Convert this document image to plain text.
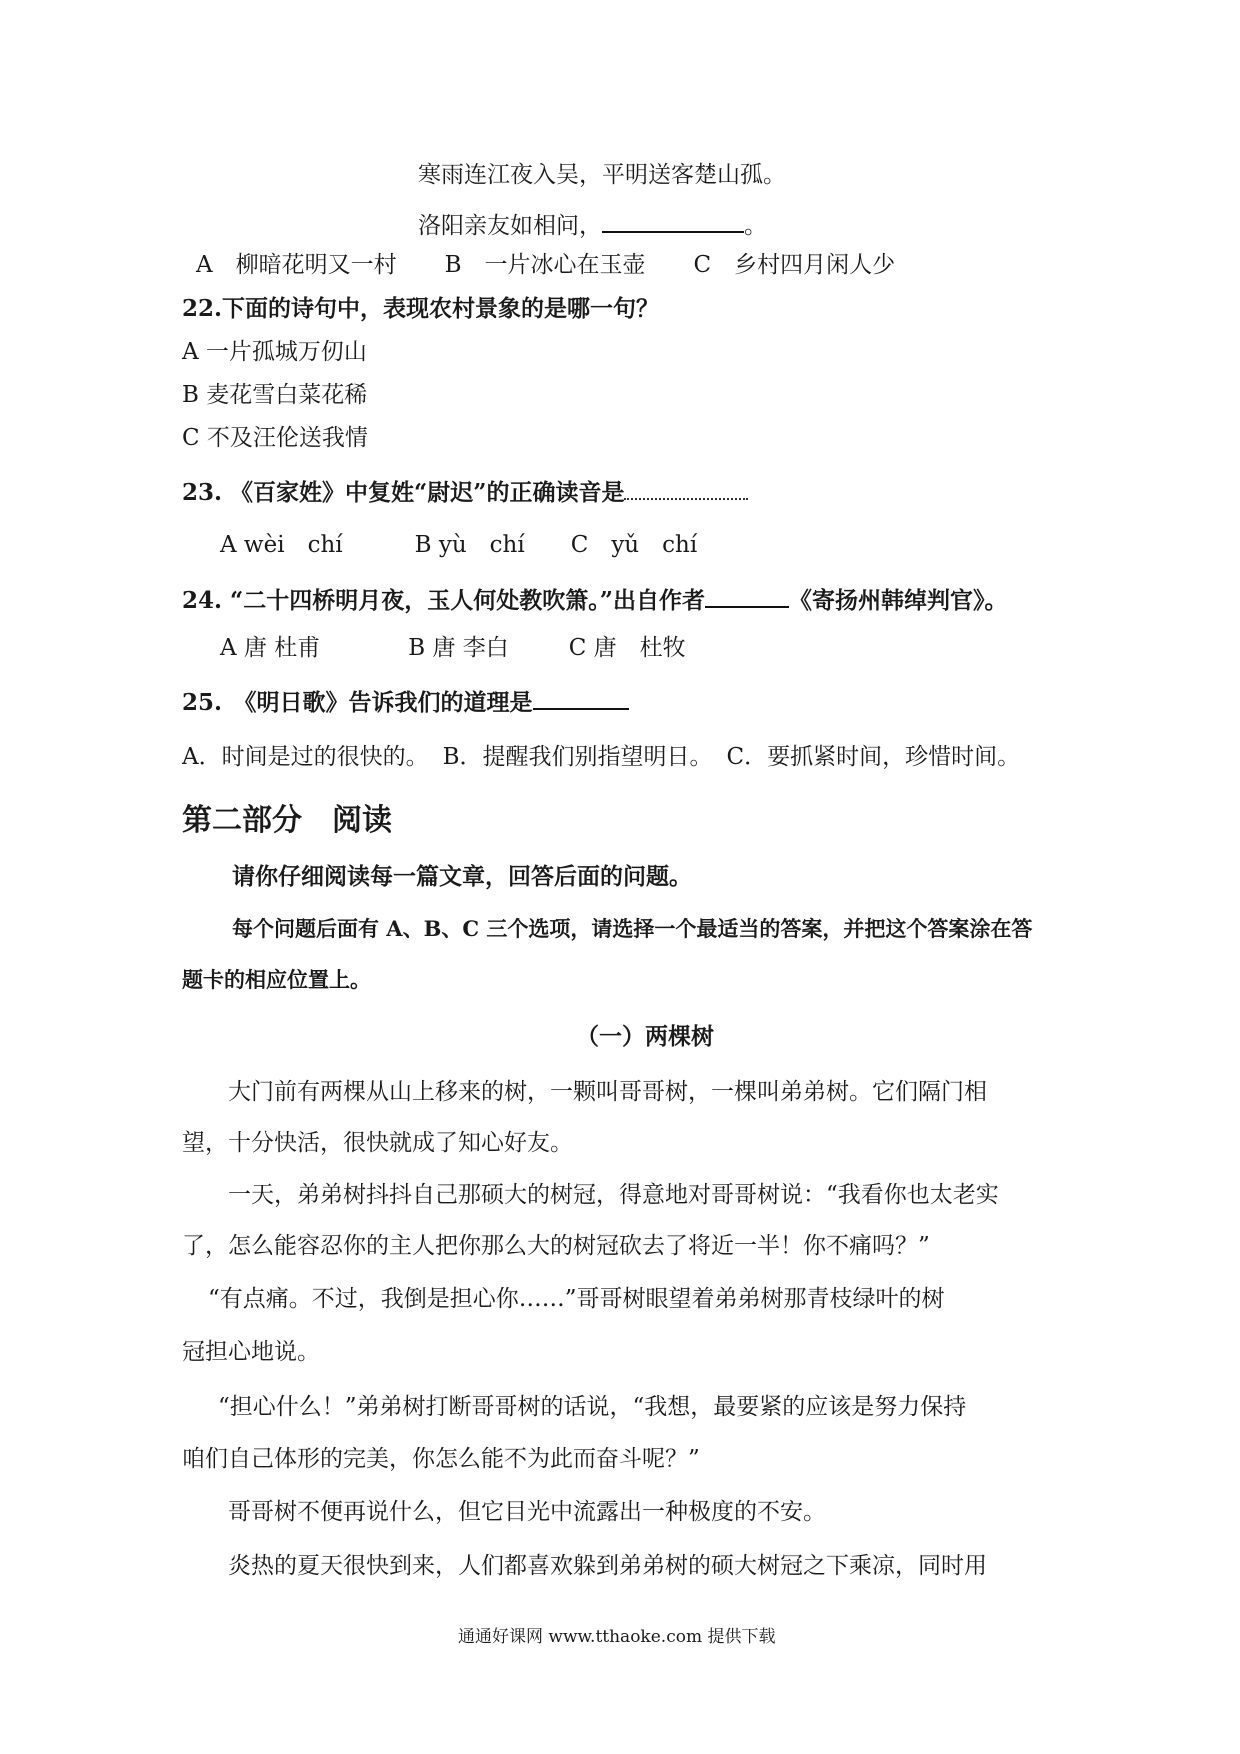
寒雨连江夜入吴，平明送客楚山孤。
洛阳亲友如相问，	。
A　柳暗花明又一村 B　一片冰心在玉壶 C　乡村四月闲人少
22.下面的诗句中，表现农村景象的是哪一句？
A 一片孤城万仞山
B 麦花雪白菜花稀
C 不及汪伦送我情
23. 《百家姓》中复姓“尉迟”的正确读音是
A wèi　chí	B yù　chí C　yǔ　chí
24. “二十四桥明月夜，玉人何处教吹箫。”出自作者	《寄扬州韩绰判官》。
A 唐 杜甫	B 唐 李白	C 唐　杜牧
25.　《明日歌》告诉我们的道理是
A．时间是过的很快的。 B．提醒我们别指望明日。 C．要抓紧时间，珍惜时间。
第二部分　阅读
请你仔细阅读每一篇文章，回答后面的问题。
每个问题后面有 A、B、C 三个选项，请选择一个最适当的答案，并把这个答案涂在答
题卡的相应位置上。
（一）两棵树
大门前有两棵从山上移来的树，一颗叫哥哥树，一棵叫弟弟树。它们隔门相
望，十分快活，很快就成了知心好友。
一天，弟弟树抖抖自己那硕大的树冠，得意地对哥哥树说：“我看你也太老实
了，怎么能容忍你的主人把你那么大的树冠砍去了将近一半！你不痛吗？”
“有点痛。不过，我倒是担心你……”哥哥树眼望着弟弟树那青枝绿叶的树
冠担心地说。
“担心什么！”弟弟树打断哥哥树的话说，“我想，最要紧的应该是努力保持
咱们自己体形的完美，你怎么能不为此而奋斗呢？”
哥哥树不便再说什么，但它目光中流露出一种极度的不安。
炎热的夏天很快到来，人们都喜欢躲到弟弟树的硕大树冠之下乘凉，同时用
通通好课网 www.tthaoke.com 提供下载
